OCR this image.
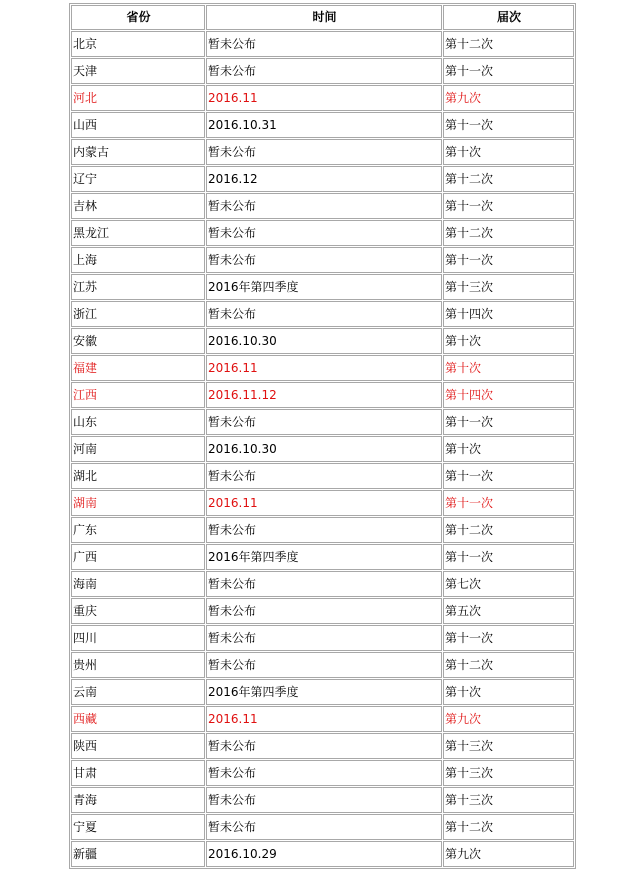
省份	时间	届次
北京	暂未公布	第十二次
天津	暂未公布	第十一次
河北	2016.11	第九次
山西	2016.10.31	第十一次
内蒙古	暂未公布	第十次
辽宁	2016.12	第十二次
吉林	暂未公布	第十一次
黑龙江	暂未公布	第十二次
上海	暂未公布	第十一次
江苏	2016年第四季度	第十三次
浙江	暂未公布	第十四次
安徽	2016.10.30	第十次
福建	2016.11	第十次
江西	2016.11.12	第十四次
山东	暂未公布	第十一次
河南	2016.10.30	第十次
湖北	暂未公布	第十一次
湖南	2016.11	第十一次
广东	暂未公布	第十二次
广西	2016年第四季度	第十一次
海南	暂未公布	第七次
重庆	暂未公布	第五次
四川	暂未公布	第十一次
贵州	暂未公布	第十二次
云南	2016年第四季度	第十次
西藏	2016.11	第九次
陕西	暂未公布	第十三次
甘肃	暂未公布	第十三次
青海	暂未公布	第十三次
宁夏	暂未公布	第十二次
新疆	2016.10.29	第九次
